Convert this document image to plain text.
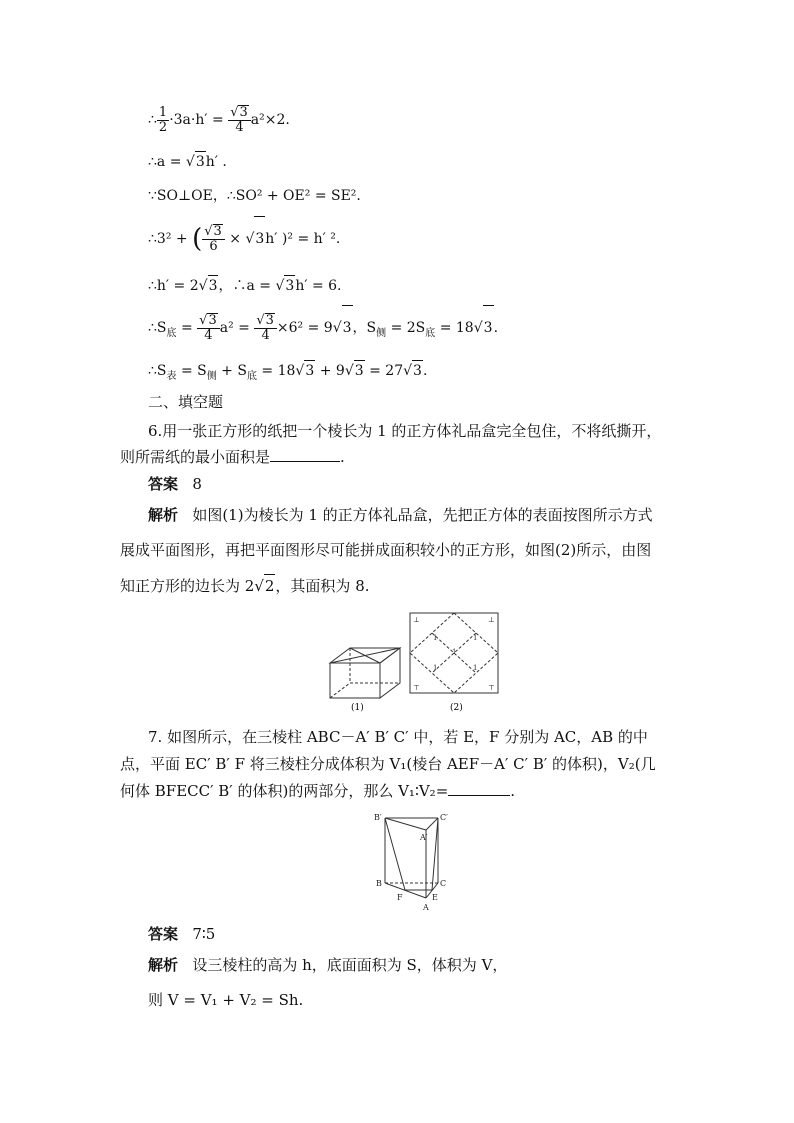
∴ $\frac{1}{2} \cdot 3a\cdot h' = \frac{√3}{4} a^2\times 2$.
∴a = √3h′ .
∵SO⊥OE，∴SO² + OE² = SE².
∴3² + ( $\frac{√3}{6} \times √3h'$ )² = h′ ².
∴h′ = 2√3，∴a = √3h′ = 6.
$\therefore S_底 = \frac{√3}{4} a^2 = \frac{√3}{4} \times 6^2 = 9√3$，$S_侧 = 2S_底 = 18√3$.
$\therefore S_表 = S_侧 + S_底 = 18√3 + 9√3 = 27√3$.
二、填空题
6.用一张正方形的纸把一个棱长为 1 的正方体礼品盒完全包住，不将纸撕开，
则所需纸的最小面积是	.
答案 8
解析 如图(1)为棱长为 1 的正方体礼品盒，先把正方体的表面按图所示方式
展成平面图形，再把平面图形尽可能拼成面积较小的正方形，如图(2)所示，由图
知正方形的边长为 2√2，其面积为 8.
(1)
⊥	⊥
⊤	⊤
1	1
1
1	1
(2)
7. 如图所示，在三棱柱 ABC－A′ B′ C′ 中，若 E，F 分别为 AC，AB 的中
点，平面 EC′ B′ F 将三棱柱分成体积为 V₁(棱台 AEF－A′ C′ B′ 的体积)，V₂(几
何体 BFECC′ B′ 的体积)的两部分，那么 V₁∶V₂=	.
B′	C′
A′
B	C
F	E
A
答案 7∶5
解析 设三棱柱的高为 h，底面面积为 S，体积为 V，
则 V = V₁ + V₂ = Sh.
